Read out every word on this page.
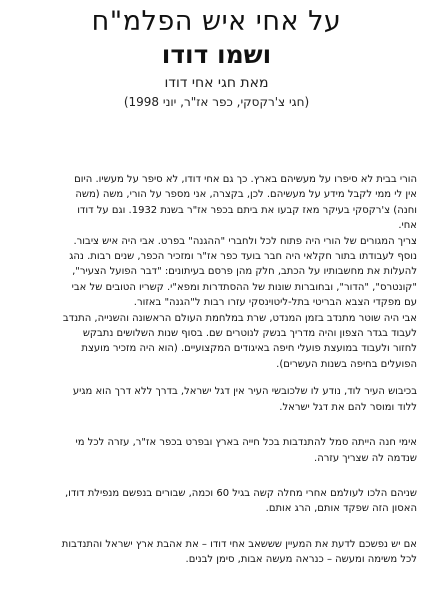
על אחי איש הפלמ"ח
ושמו דודו
מאת חגי אחי דודו
(חגי צ'רקסקי, כפר אז"ר, יוני 1998)

הורי בבית לא סיפרו על מעשיהם בארץ. כך גם אחי דודו, לא סיפר על מעשיו. היום

אין לי ממי לקבל מידע על מעשיהם. לכן, בקצרה, אני מספר על הורי, משה (משה

וחנה) צ'רקסקי בעיקר מאז קבעו את ביתם בכפר אז"ר בשנת 1932. וגם על דודו

אחי.

צריך המגורים של הורי היה פתוח לכל ולחברי "ההגנה" בפרט. אבי היה איש ציבור.

נוסף לעבודתו בתור חקלאי היה חבר בועד כפר אז"ר ומזכיר הכפר, שנים רבות. נהג

להעלות את מחשבותיו על הכתב, חלק מהן פרסם בעיתונים: "דבר הפועל הצעיר",

"קונטרס", "הדור", ובחוברות שונות של ההסתדרות ומפא"י. קשריו הטובים של אבי

עם מפקדי הצבא הבריטי בתל-ליטוינסקי עזרו רבות ל"הגנה" באזור.

אבי היה שוטר מתנדב בזמן המנדט, שרת במלחמת העולם הראשונה והשנייה, התנדב

לעבוד בגדר הצפון והיה מדריך בנשק לנוטרים שם. בסוף שנות השלושים נתבקש

לחזור ולעבוד במועצת פועלי חיפה באיגודים המקצועיים. (הוא היה מזכיר מועצת

הפועלים בחיפה בשנות העשרים).

בכיבוש העיר לוד, נודע לו שלכובשי העיר אין דגל ישראל, בדרך ללא דרך הוא מגיע

ללוד ומוסר להם את דגל ישראל.

אימי חנה הייתה סמל להתנדבות בכל חייה בארץ ובפרט בכפר אז"ר, עזרה לכל מי

שנדמה לה שצריך עזרה.

שניהם הלכו לעולמם אחרי מחלה קשה בגיל 60 וכמה, שבורים בנפשם מנפילת דודו,

האסון הזה שפקד אותם, הרג אותם.

אם יש נפשכם לדעת את המעיין שששאב אחי דודו – את אהבת ארץ ישראל והתנדבות

לכל משימה ומעשה – כנראה מעשה אבות, סימן לבנים.
